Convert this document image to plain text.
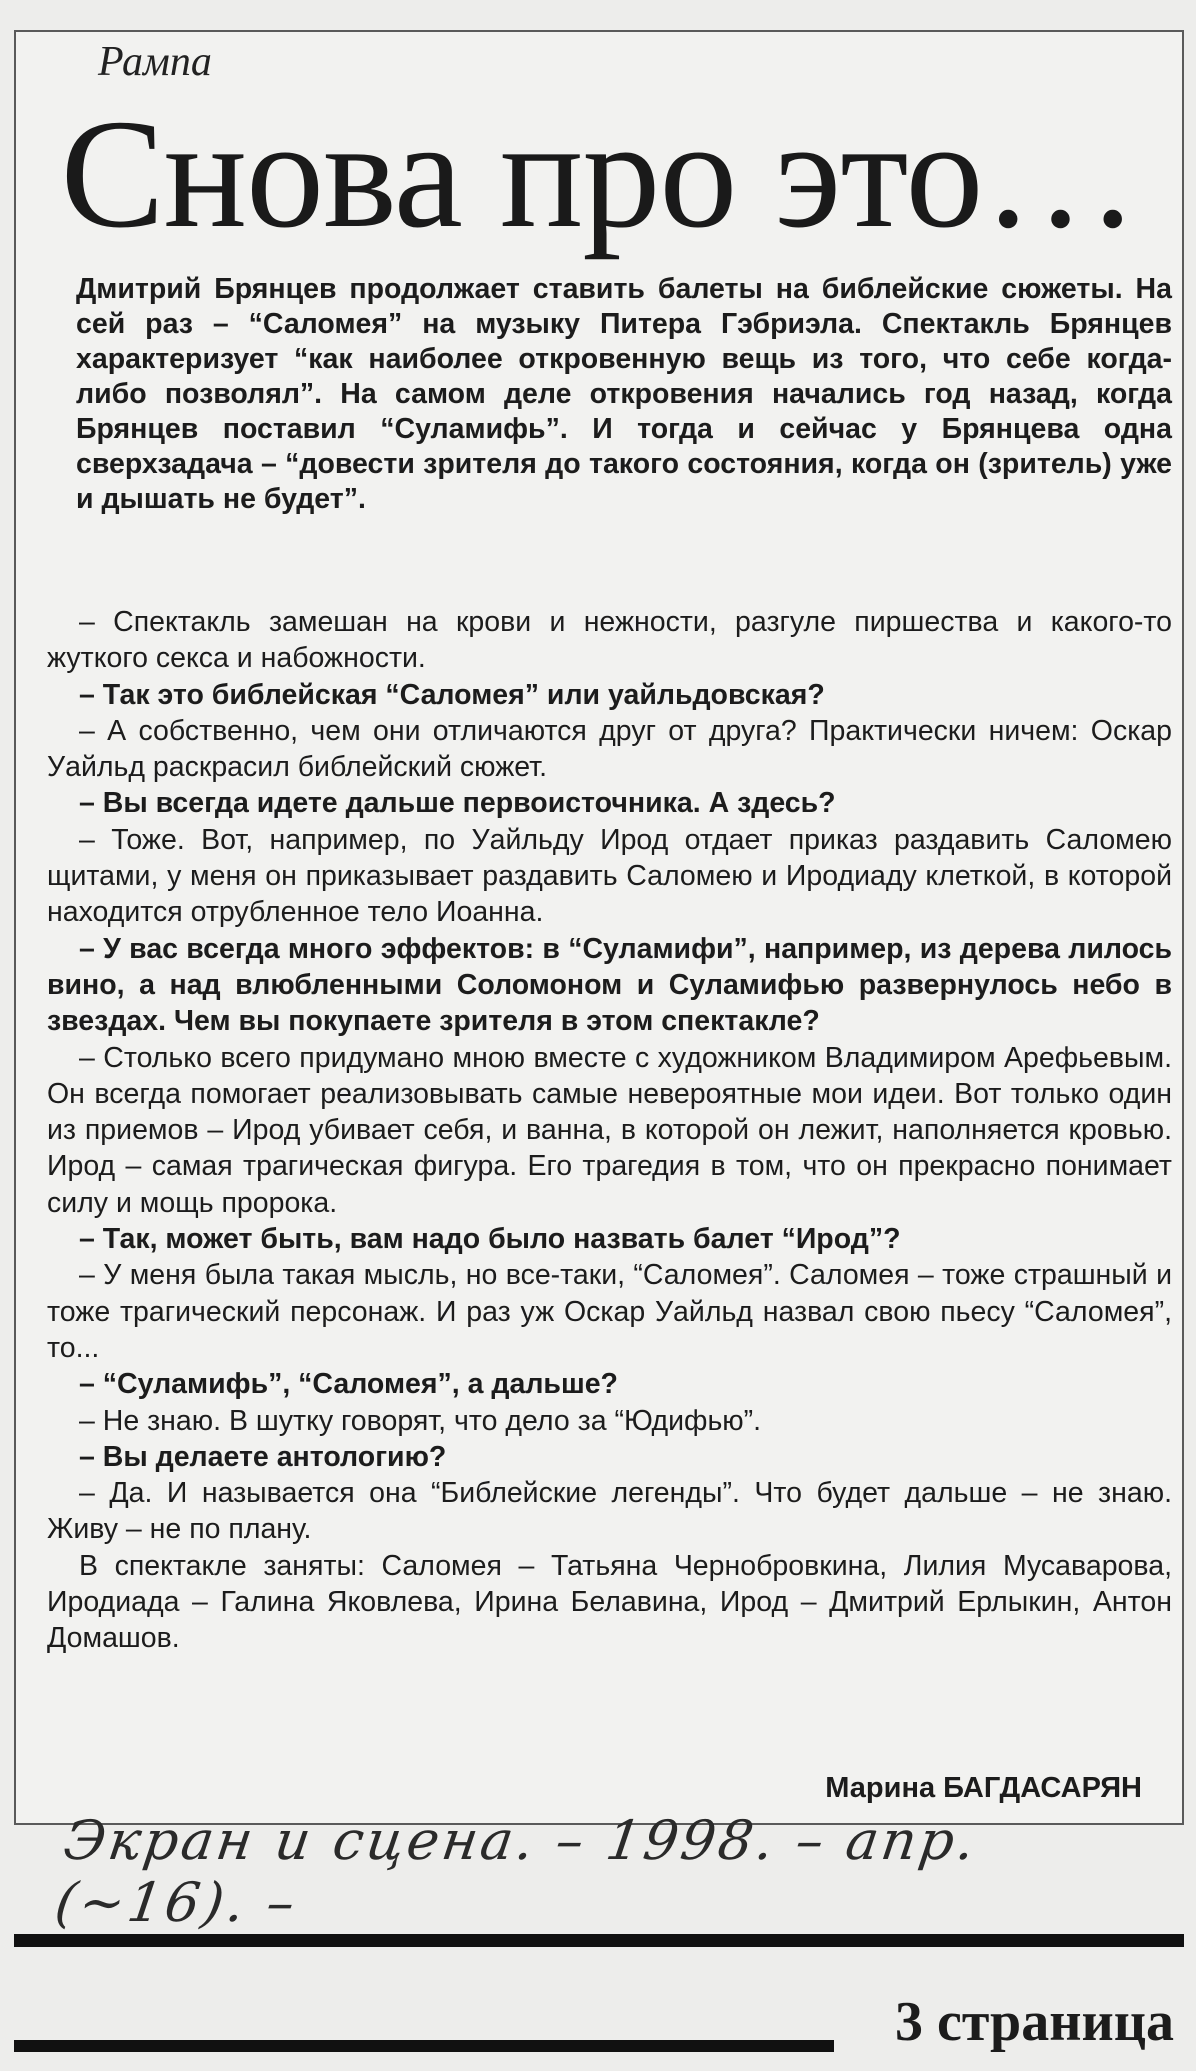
Рампа
Снова про это…

Дмитрий Брянцев продолжает ставить балеты на библейские сюжеты. На сей раз – “Саломея” на музыку Питера Гэбриэла. Спектакль Брянцев характеризует “как наиболее откровенную вещь из того, что себе когда-либо позволял”. На самом деле откровения начались год назад, когда Брянцев поставил “Суламифь”. И тогда и сейчас у Брянцева одна сверхзадача – “довести зрителя до такого состояния, когда он (зритель) уже и дышать не будет”.

– Спектакль замешан на крови и нежности, разгуле пиршества и какого-то жуткого секса и набожности.

– Так это библейская “Саломея” или уайльдовская?

– А собственно, чем они отличаются друг от друга? Практически ничем: Оскар Уайльд раскрасил библейский сюжет.

– Вы всегда идете дальше первоисточника. А здесь?

– Тоже. Вот, например, по Уайльду Ирод отдает приказ раздавить Саломею щитами, у меня он приказывает раздавить Саломею и Иродиаду клеткой, в которой находится отрубленное тело Иоанна.

– У вас всегда много эффектов: в “Суламифи”, например, из дерева лилось вино, а над влюбленными Соломоном и Суламифью развернулось небо в звездах. Чем вы покупаете зрителя в этом спектакле?

– Столько всего придумано мною вместе с художником Владимиром Арефьевым. Он всегда помогает реализовывать самые невероятные мои идеи. Вот только один из приемов – Ирод убивает себя, и ванна, в которой он лежит, наполняется кровью. Ирод – самая трагическая фигура. Его трагедия в том, что он прекрасно понимает силу и мощь пророка.

– Так, может быть, вам надо было назвать балет “Ирод”?

– У меня была такая мысль, но все-таки, “Саломея”. Саломея – тоже страшный и тоже трагический персонаж. И раз уж Оскар Уайльд назвал свою пьесу “Саломея”, то...

– “Суламифь”, “Саломея”, а дальше?

– Не знаю. В шутку говорят, что дело за “Юдифью”.

– Вы делаете антологию?

– Да. И называется она “Библейские легенды”. Что будет дальше – не знаю. Живу – не по плану.

В спектакле заняты: Саломея – Татьяна Чернобровкина, Лилия Мусаварова, Иродиада – Галина Яковлева, Ирина Белавина, Ирод – Дмитрий Ерлыкин, Антон Домашов.

Марина БАГДАСАРЯН
Экран и сцена. – 1998. – апр. (~16). –
3 страница
